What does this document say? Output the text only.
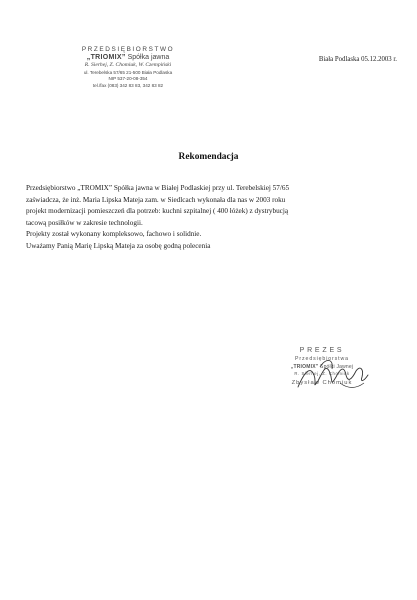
PRZEDSIĘBIORSTWO
„TRIOMIX” Spółka jawna
R. Sierhej, Z. Chomiuk, W. Czempiński
ul. Terebelska 57/65 21-500 Biała Podlaska
NIP 537-20-08-354
tel./fax (083) 342 83 83, 342 83 82
Biała Podlaska 05.12.2003 r.
Rekomendacja

Przedsiębiorstwo „TROMIX” Spółka jawna w Białej Podlaskiej przy ul. Terebelskiej 57/65

zaświadcza, że inż. Maria Lipska Mateja zam. w Siedlcach wykonała dla nas w 2003 roku

projekt modernizacji pomieszczeń dla potrzeb: kuchni szpitalnej ( 400 łóżek) z dystrybucją

tacową posiłków w zakresie technologii.

Projekty został wykonany kompleksowo, fachowo i solidnie.

Uważamy Panią Marię Lipską Mateja za osobę godną polecenia

PREZES
Przedsiębiorstwa
„TRIOMIX” Spółki Jawnej
R. Sierhej, Z. Chomiuk
Zbysław Chomiuk
